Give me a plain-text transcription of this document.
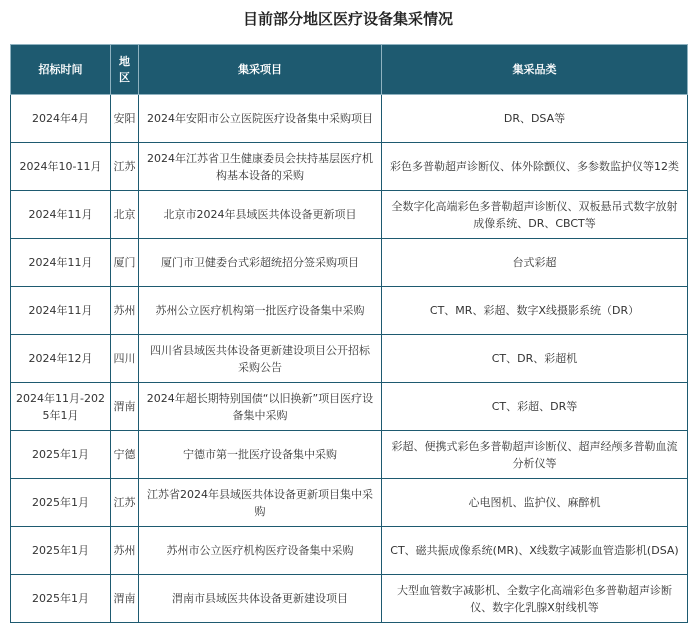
目前部分地区医疗设备集采情况
招标时间	地区	集采项目	集采品类
2024年4月	安阳	2024年安阳市公立医院医疗设备集中采购项目	DR、DSA等
2024年10-11月	江苏	2024年江苏省卫生健康委员会扶持基层医疗机构基本设备的采购	彩色多普勒超声诊断仪、体外除颤仪、多参数监护仪等12类
2024年11月	北京	北京市2024年县域医共体设备更新项目	全数字化高端彩色多普勒超声诊断仪、双板悬吊式数字放射成像系统、DR、CBCT等
2024年11月	厦门	厦门市卫健委台式彩超统招分签采购项目	台式彩超
2024年11月	苏州	苏州公立医疗机构第一批医疗设备集中采购	CT、MR、彩超、数字X线摄影系统（DR）
2024年12月	四川	四川省县域医共体设备更新建设项目公开招标采购公告	CT、DR、彩超机
2024年11月-2025年1月	渭南	2024年超长期特别国债“以旧换新”项目医疗设备集中采购	CT、彩超、DR等
2025年1月	宁德	宁德市第一批医疗设备集中采购	彩超、便携式彩色多普勒超声诊断仪、超声经颅多普勒血流分析仪等
2025年1月	江苏	江苏省2024年县域医共体设备更新项目集中采购	心电图机、监护仪、麻醉机
2025年1月	苏州	苏州市公立医疗机构医疗设备集中采购	CT、磁共振成像系统(MR)、X线数字减影血管造影机(DSA)
2025年1月	渭南	渭南市县域医共体设备更新建设项目	大型血管数字减影机、全数字化高端彩色多普勒超声诊断仪、数字化乳腺X射线机等
